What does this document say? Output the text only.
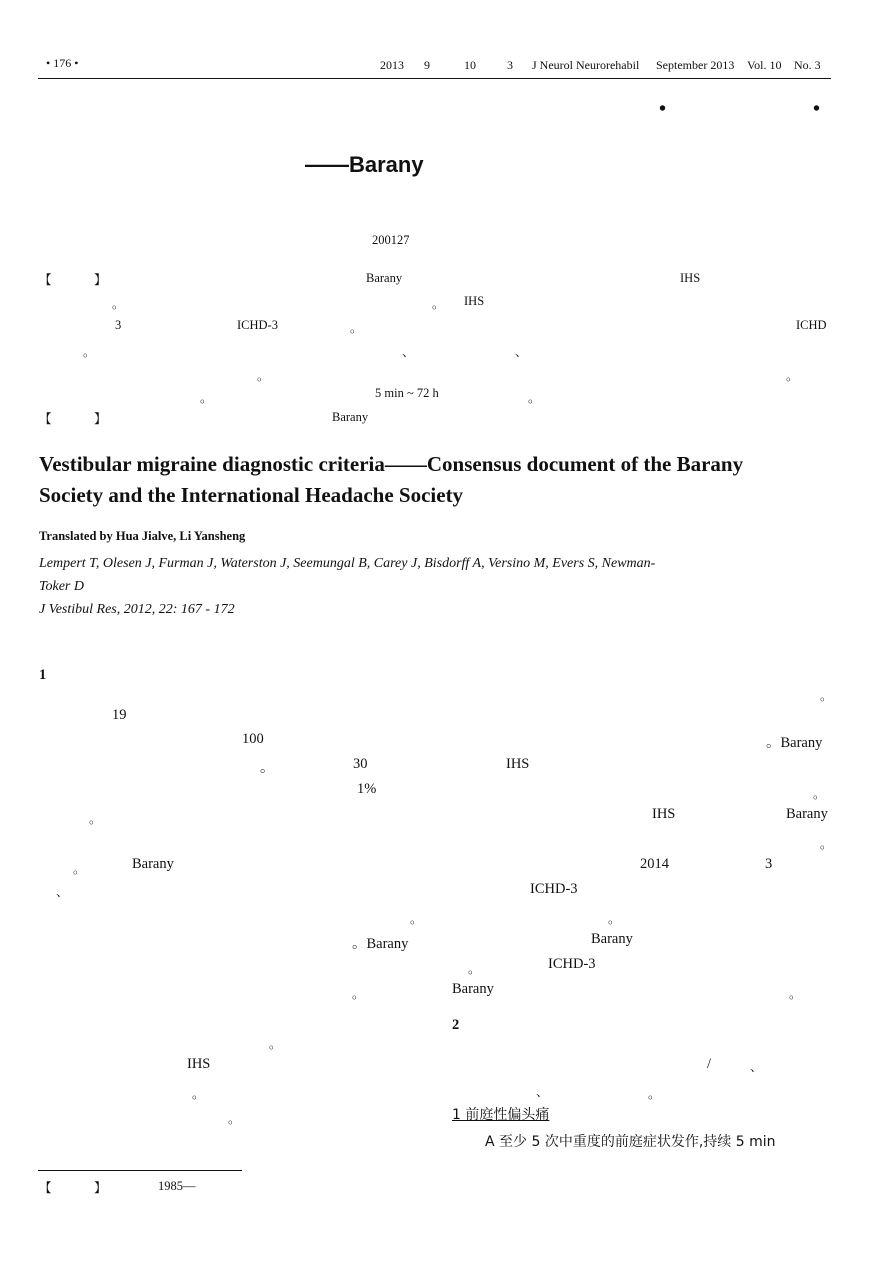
• 176 •	2013 9	10	3 J Neurol Neurorehabil September 2013 Vol. 10 No. 3
•	•
——Barany
200127
【	】	Barany	IHS
。	。 IHS
3	ICHD-3	。	ICHD
。	、	、
。	。
。	5 min ~ 72 h	。
【	】	Barany
Vestibular migraine diagnostic criteria——Consensus document of the Barany
Society and the International Headache Society
Translated by Hua Jialve, Li Yansheng
Lempert T, Olesen J, Furman J, Waterston J, Seemungal B, Carey J, Bisdorff A, Versino M, Evers S, Newman-
Toker D
J Vestibul Res, 2012, 22: 167 - 172
1
。
19
100	。Barany
。	30	IHS
1%	。
。	IHS	Barany
。
。	Barany	2014	3
、	ICHD-3
。	。
。Barany	Barany
。	ICHD-3
。	Barany	。
。
IHS
。
。
2
/	、
、	。
1 前庭性偏头痛
A 至少 5 次中重度的前庭症状发作,持续 5 min
【	】	1985—
